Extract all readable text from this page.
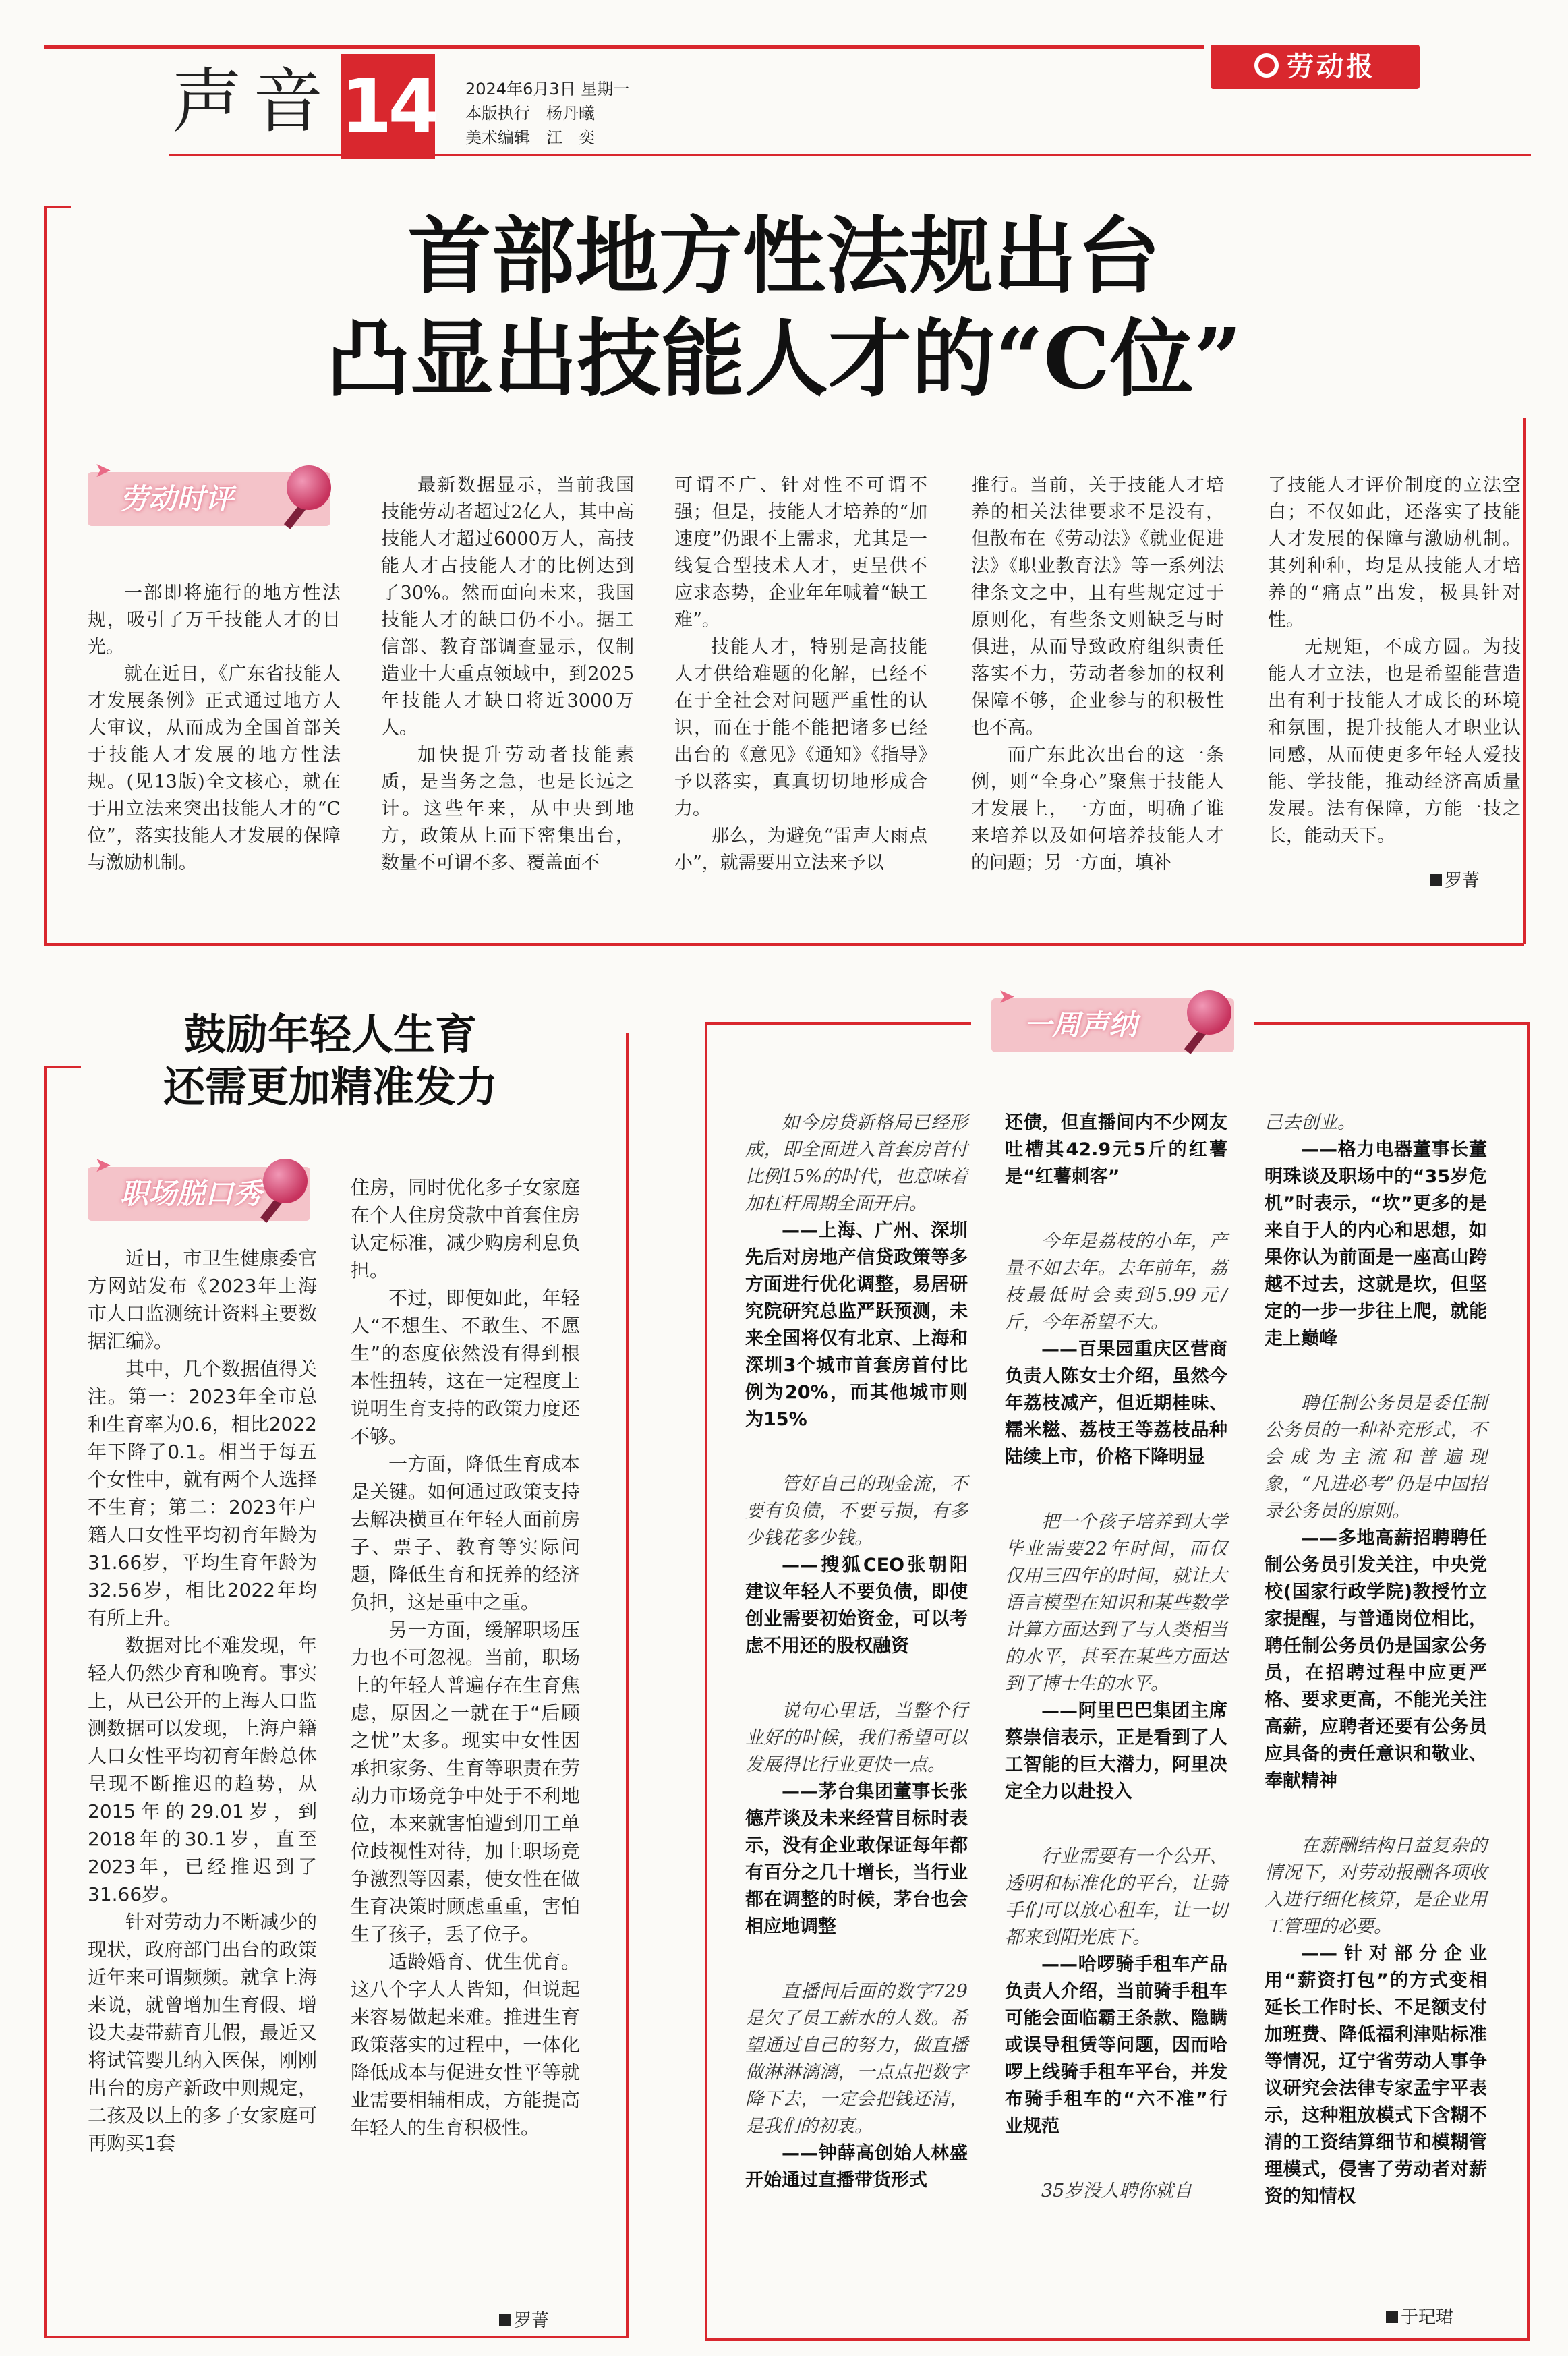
声音 14 2024年6月3日 星期一
本版执行　杨丹曦
美术编辑　江　奕
劳动报
首部地方性法规出台
凸显出技能人才的“C位”
劳动时评
➤

一部即将施行的地方性法规，吸引了万千技能人才的目光。

就在近日，《广东省技能人才发展条例》正式通过地方人大审议，从而成为全国首部关于技能人才发展的地方性法规。(见13版)全文核心，就在于用立法来突出技能人才的“C位”，落实技能人才发展的保障与激励机制。

最新数据显示，当前我国技能劳动者超过2亿人，其中高技能人才超过6000万人，高技能人才占技能人才的比例达到了30%。然而面向未来，我国技能人才的缺口仍不小。据工信部、教育部调查显示，仅制造业十大重点领域中，到2025年技能人才缺口将近3000万人。

加快提升劳动者技能素质，是当务之急，也是长远之计。这些年来，从中央到地方，政策从上而下密集出台，数量不可谓不多、覆盖面不

可谓不广、针对性不可谓不强；但是，技能人才培养的“加速度”仍跟不上需求，尤其是一线复合型技术人才，更呈供不应求态势，企业年年喊着“缺工难”。

技能人才，特别是高技能人才供给难题的化解，已经不在于全社会对问题严重性的认识，而在于能不能把诸多已经出台的《意见》《通知》《指导》予以落实，真真切切地形成合力。

那么，为避免“雷声大雨点小”，就需要用立法来予以

推行。当前，关于技能人才培养的相关法律要求不是没有，但散布在《劳动法》《就业促进法》《职业教育法》等一系列法律条文之中，且有些规定过于原则化，有些条文则缺乏与时俱进，从而导致政府组织责任落实不力，劳动者参加的权利保障不够，企业参与的积极性也不高。

而广东此次出台的这一条例，则“全身心”聚焦于技能人才发展上，一方面，明确了谁来培养以及如何培养技能人才的问题；另一方面，填补

了技能人才评价制度的立法空白；不仅如此，还落实了技能人才发展的保障与激励机制。其列种种，均是从技能人才培养的“痛点”出发，极具针对性。

无规矩，不成方圆。为技能人才立法，也是希望能营造出有利于技能人才成长的环境和氛围，提升技能人才职业认同感，从而使更多年轻人爱技能、学技能，推动经济高质量发展。法有保障，方能一技之长，能动天下。

罗菁
鼓励年轻人生育
还需更加精准发力
职场脱口秀
➤

近日，市卫生健康委官方网站发布《2023年上海市人口监测统计资料主要数据汇编》。

其中，几个数据值得关注。第一：2023年全市总和生育率为0.6，相比2022年下降了0.1。相当于每五个女性中，就有两个人选择不生育；第二：2023年户籍人口女性平均初育年龄为31.66岁，平均生育年龄为32.56岁，相比2022年均有所上升。

数据对比不难发现，年轻人仍然少育和晚育。事实上，从已公开的上海人口监测数据可以发现，上海户籍人口女性平均初育年龄总体呈现不断推迟的趋势，从2015年的29.01岁，到2018年的30.1岁，直至2023年，已经推迟到了31.66岁。

针对劳动力不断减少的现状，政府部门出台的政策近年来可谓频频。就拿上海来说，就曾增加生育假、增设夫妻带薪育儿假，最近又将试管婴儿纳入医保，刚刚出台的房产新政中则规定，二孩及以上的多子女家庭可再购买1套

住房，同时优化多子女家庭在个人住房贷款中首套住房认定标准，减少购房利息负担。

不过，即便如此，年轻人“不想生、不敢生、不愿生”的态度依然没有得到根本性扭转，这在一定程度上说明生育支持的政策力度还不够。

一方面，降低生育成本是关键。如何通过政策支持去解决横亘在年轻人面前房子、票子、教育等实际问题，降低生育和抚养的经济负担，这是重中之重。

另一方面，缓解职场压力也不可忽视。当前，职场上的年轻人普遍存在生育焦虑，原因之一就在于“后顾之忧”太多。现实中女性因承担家务、生育等职责在劳动力市场竞争中处于不利地位，本来就害怕遭到用工单位歧视性对待，加上职场竞争激烈等因素，使女性在做生育决策时顾虑重重，害怕生了孩子，丢了位子。

适龄婚育、优生优育。这八个字人人皆知，但说起来容易做起来难。推进生育政策落实的过程中，一体化降低成本与促进女性平等就业需要相辅相成，方能提高年轻人的生育积极性。

罗菁
一周声纳
➤

如今房贷新格局已经形成，即全面进入首套房首付比例15%的时代，也意味着加杠杆周期全面开启。

——上海、广州、深圳先后对房地产信贷政策等多方面进行优化调整，易居研究院研究总监严跃预测，未来全国将仅有北京、上海和深圳3个城市首套房首付比例为20%，而其他城市则为15%

管好自己的现金流，不要有负债，不要亏损，有多少钱花多少钱。

——搜狐CEO张朝阳建议年轻人不要负债，即使创业需要初始资金，可以考虑不用还的股权融资

说句心里话，当整个行业好的时候，我们希望可以发展得比行业更快一点。

——茅台集团董事长张德芹谈及未来经营目标时表示，没有企业敢保证每年都有百分之几十增长，当行业都在调整的时候，茅台也会相应地调整

直播间后面的数字729是欠了员工薪水的人数。希望通过自己的努力，做直播做淋淋漓漓，一点点把数字降下去，一定会把钱还清，是我们的初衷。

——钟薛高创始人林盛开始通过直播带货形式

还债，但直播间内不少网友吐槽其42.9元5斤的红薯是“红薯刺客”

今年是荔枝的小年，产量不如去年。去年前年，荔枝最低时会卖到5.99元/斤，今年希望不大。

——百果园重庆区营商负责人陈女士介绍，虽然今年荔枝减产，但近期桂味、糯米糍、荔枝王等荔枝品种陆续上市，价格下降明显

把一个孩子培养到大学毕业需要22年时间，而仅仅用三四年的时间，就让大语言模型在知识和某些数学计算方面达到了与人类相当的水平，甚至在某些方面达到了博士生的水平。

——阿里巴巴集团主席蔡崇信表示，正是看到了人工智能的巨大潜力，阿里决定全力以赴投入

行业需要有一个公开、透明和标准化的平台，让骑手们可以放心租车，让一切都来到阳光底下。

——哈啰骑手租车产品负责人介绍，当前骑手租车可能会面临霸王条款、隐瞒或误导租赁等问题，因而哈啰上线骑手租车平台，并发布骑手租车的“六不准”行业规范

35岁没人聘你就自

己去创业。

——格力电器董事长董明珠谈及职场中的“35岁危机”时表示，“坎”更多的是来自于人的内心和思想，如果你认为前面是一座高山跨越不过去，这就是坎，但坚定的一步一步往上爬，就能走上巅峰

聘任制公务员是委任制公务员的一种补充形式，不会成为主流和普遍现象，“凡进必考”仍是中国招录公务员的原则。

——多地高薪招聘聘任制公务员引发关注，中央党校(国家行政学院)教授竹立家提醒，与普通岗位相比，聘任制公务员仍是国家公务员，在招聘过程中应更严格、要求更高，不能光关注高薪，应聘者还要有公务员应具备的责任意识和敬业、奉献精神

在薪酬结构日益复杂的情况下，对劳动报酬各项收入进行细化核算，是企业用工管理的必要。

——针对部分企业用“薪资打包”的方式变相延长工作时长、不足额支付加班费、降低福利津贴标准等情况，辽宁省劳动人事争议研究会法律专家孟宇平表示，这种粗放模式下含糊不清的工资结算细节和模糊管理模式，侵害了劳动者对薪资的知情权

于玘珺
